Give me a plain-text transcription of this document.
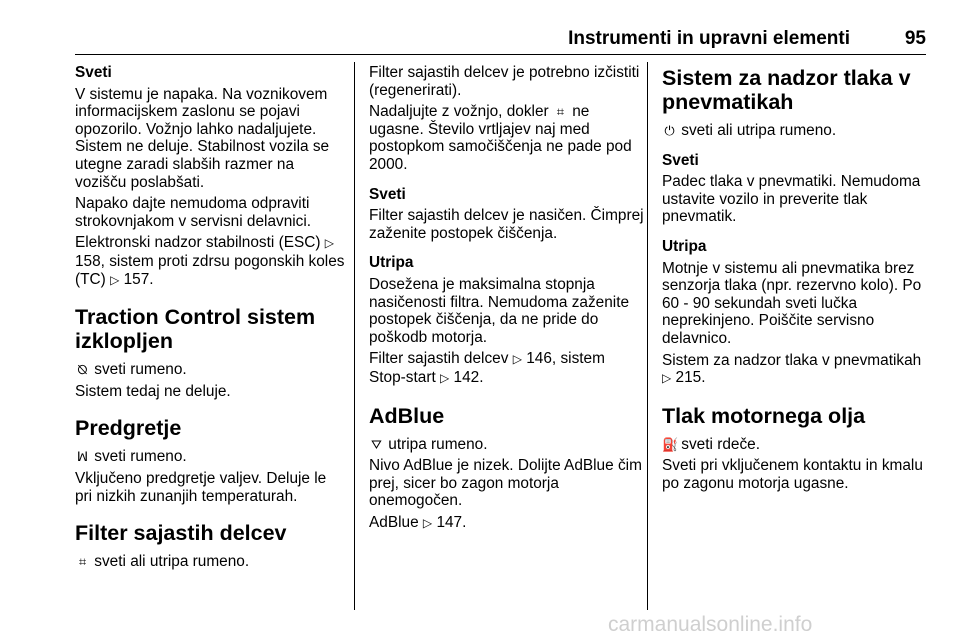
Instrumenti in upravni elementi	95
Sveti

V sistemu je napaka. Na voznikovem informacijskem zaslonu se pojavi opozorilo. Vožnjo lahko nadaljujete. Sistem ne deluje. Stabilnost vozila se utegne zaradi slabših razmer na vozišču poslabšati.

Napako dajte nemudoma odpraviti strokovnjakom v servisni delavnici.

Elektronski nadzor stabilnosti (ESC) ▷ 158, sistem proti zdrsu pogonskih koles (TC) ▷ 157.

Traction Control sistem izklopljen

⦰ sveti rumeno.

Sistem tedaj ne deluje.

Predgretje

ꟽ sveti rumeno.

Vključeno predgretje valjev. Deluje le pri nizkih zunanjih temperaturah.

Filter sajastih delcev

⌗ sveti ali utripa rumeno.

Filter sajastih delcev je potrebno izčistiti (regenerirati).

Nadaljujte z vožnjo, dokler ⌗ ne ugasne. Število vrtljajev naj med postopkom samočiščenja ne pade pod 2000.

Sveti

Filter sajastih delcev je nasičen. Čimprej zaženite postopek čiščenja.

Utripa

Dosežena je maksimalna stopnja nasičenosti filtra. Nemudoma zaženite postopek čiščenja, da ne pride do poškodb motorja.

Filter sajastih delcev ▷ 146, sistem Stop-start ▷ 142.

AdBlue

⛛ utripa rumeno.

Nivo AdBlue je nizek. Dolijte AdBlue čim prej, sicer bo zagon motorja onemogočen.

AdBlue ▷ 147.

Sistem za nadzor tlaka v pnevmatikah

⏻ sveti ali utripa rumeno.

Sveti

Padec tlaka v pnevmatiki. Nemudoma ustavite vozilo in preverite tlak pnevmatik.

Utripa

Motnje v sistemu ali pnevmatika brez senzorja tlaka (npr. rezervno kolo). Po 60 - 90 sekundah sveti lučka neprekinjeno. Poiščite servisno delavnico.

Sistem za nadzor tlaka v pnevmatikah ▷ 215.

Tlak motornega olja

⛽ sveti rdeče.

Sveti pri vključenem kontaktu in kmalu po zagonu motorja ugasne.

carmanualsonline.info
